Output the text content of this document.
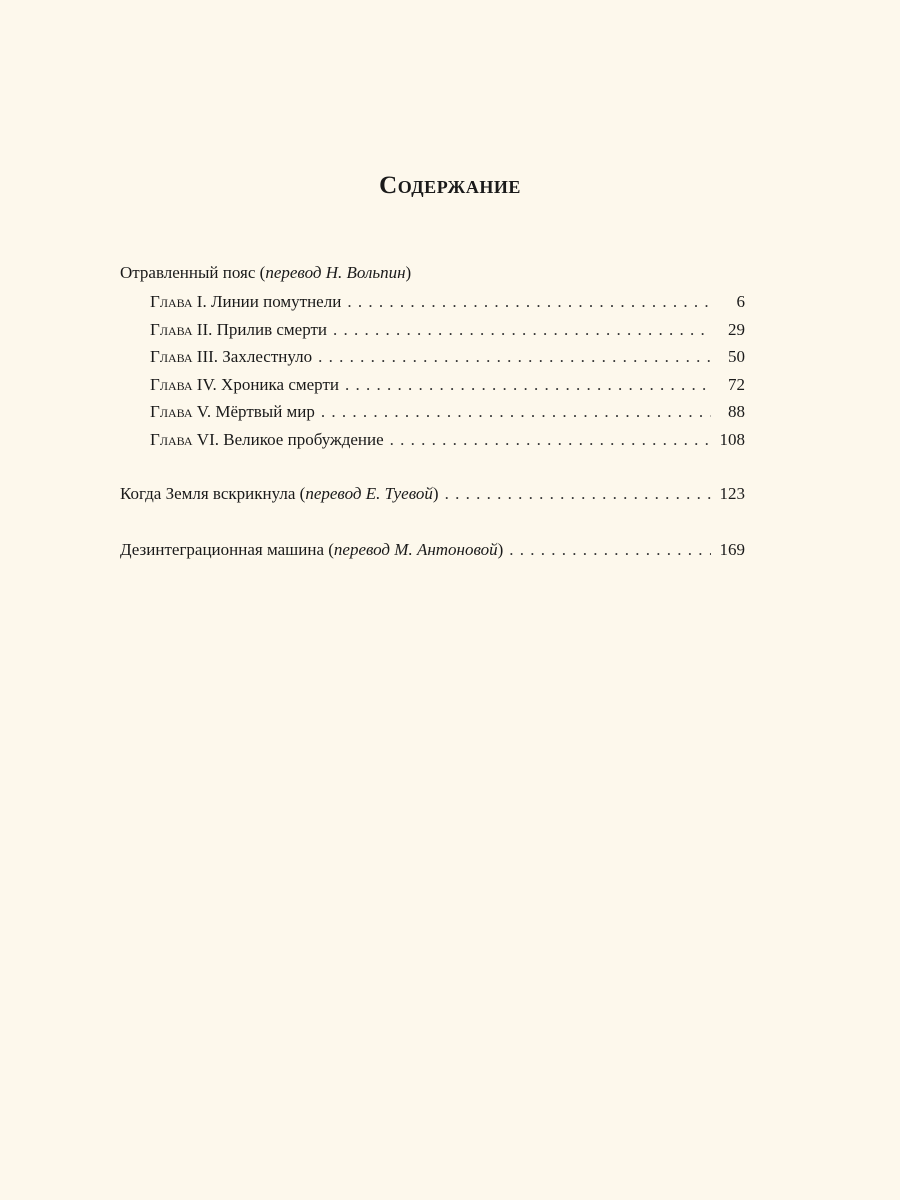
Содержание
Отравленный пояс (перевод Н. Вольпин)
Глава I. Линии помутнели . . .	6
Глава II. Прилив смерти . . .	29
Глава III. Захлестнуло . . .	50
Глава IV. Хроника смерти . . .	72
Глава V. Мёртвый мир . . .	88
Глава VI. Великое пробуждение . . .	108
Когда Земля вскрикнула (перевод Е. Туевой) . . .	123
Дезинтеграционная машина (перевод М. Антоновой) . . .	169
